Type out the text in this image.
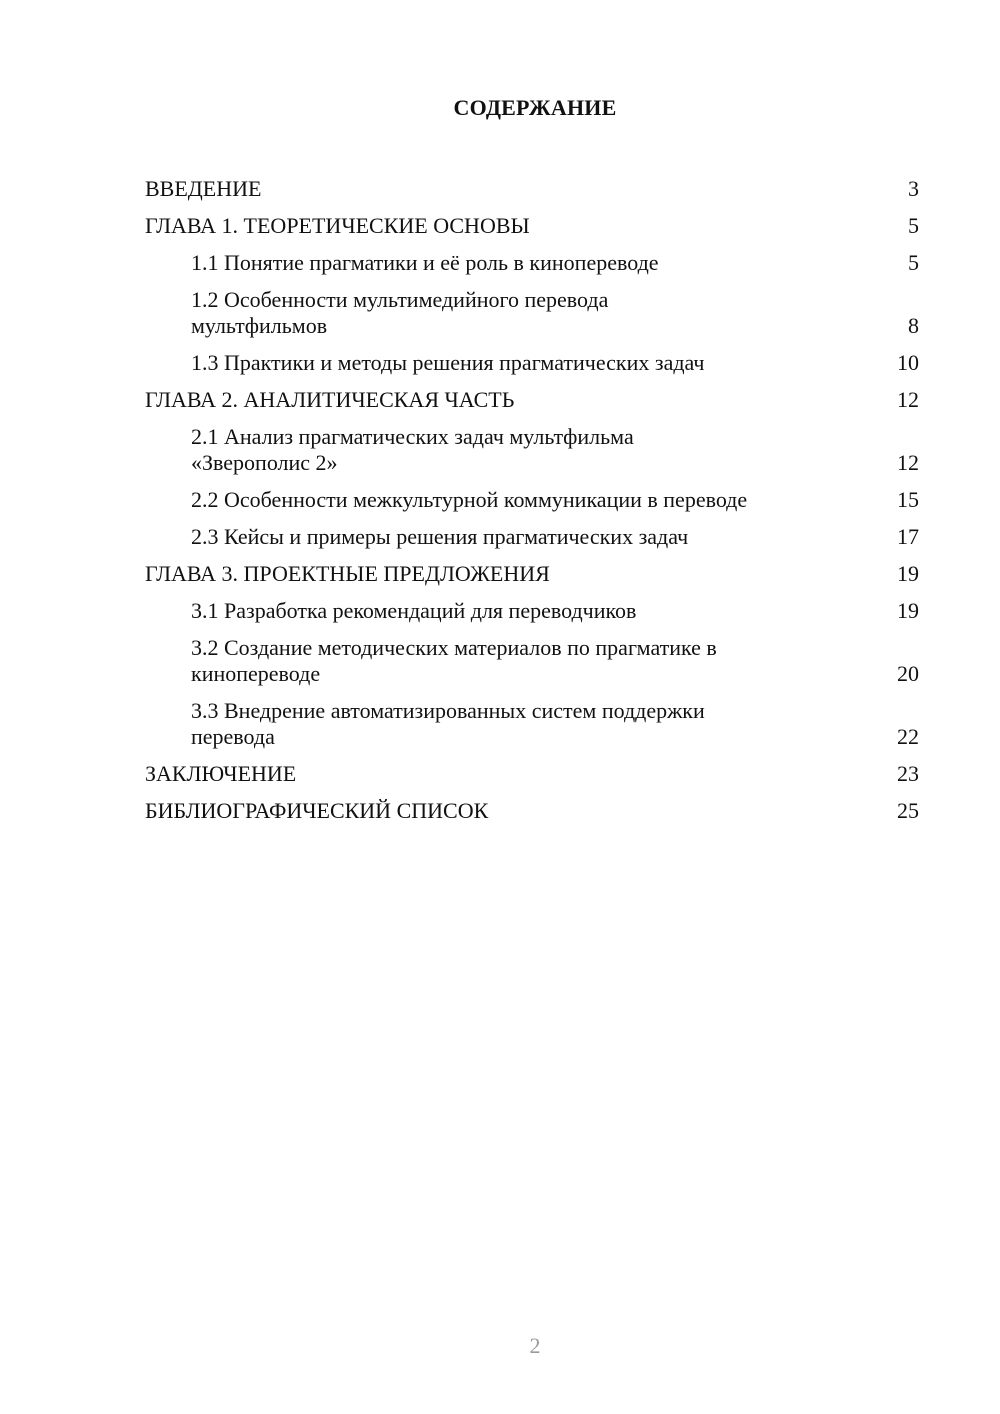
СОДЕРЖАНИЕ
ВВЕДЕНИЕ	3
ГЛАВА 1. ТЕОРЕТИЧЕСКИЕ ОСНОВЫ	5
1.1 Понятие прагматики и её роль в кинопереводе	5
1.2 Особенности мультимедийного перевода мультфильмов	8
1.3 Практики и методы решения прагматических задач	10
ГЛАВА 2. АНАЛИТИЧЕСКАЯ ЧАСТЬ	12
2.1 Анализ прагматических задач мультфильма «Зверополис 2»	12
2.2 Особенности межкультурной коммуникации в переводе	15
2.3 Кейсы и примеры решения прагматических задач	17
ГЛАВА 3. ПРОЕКТНЫЕ ПРЕДЛОЖЕНИЯ	19
3.1 Разработка рекомендаций для переводчиков	19
3.2 Создание методических материалов по прагматике в кинопереводе	20
3.3 Внедрение автоматизированных систем поддержки перевода	22
ЗАКЛЮЧЕНИЕ	23
БИБЛИОГРАФИЧЕСКИЙ СПИСОК	25
2
